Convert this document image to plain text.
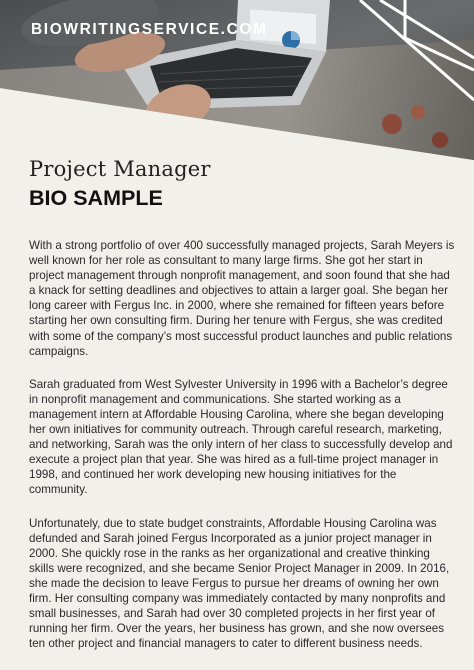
BIOWRITINGSERVICE.COM
Project Manager
BIO SAMPLE

With a strong portfolio of over 400 successfully managed projects, Sarah Meyers is well known for her role as consultant to many large firms. She got her start in project management through nonprofit management, and soon found that she had a knack for setting deadlines and objectives to attain a larger goal. She began her long career with Fergus Inc. in 2000, where she remained for fifteen years before starting her own consulting firm. During her tenure with Fergus, she was credited with some of the company’s most successful product launches and public relations campaigns.

Sarah graduated from West Sylvester University in 1996 with a Bachelor’s degree in nonprofit management and communications. She started working as a management intern at Affordable Housing Carolina, where she began developing her own initiatives for community outreach. Through careful research, marketing, and networking, Sarah was the only intern of her class to successfully develop and execute a project plan that year. She was hired as a full-time project manager in 1998, and continued her work developing new housing initiatives for the community.

Unfortunately, due to state budget constraints, Affordable Housing Carolina was defunded and Sarah joined Fergus Incorporated as a junior project manager in 2000. She quickly rose in the ranks as her organizational and creative thinking skills were recognized, and she became Senior Project Manager in 2009. In 2016, she made the decision to leave Fergus to pursue her dreams of owning her own firm. Her consulting company was immediately contacted by many nonprofits and small businesses, and Sarah had over 30 completed projects in her first year of running her firm. Over the years, her business has grown, and she now oversees ten other project and financial managers to cater to different business needs.
